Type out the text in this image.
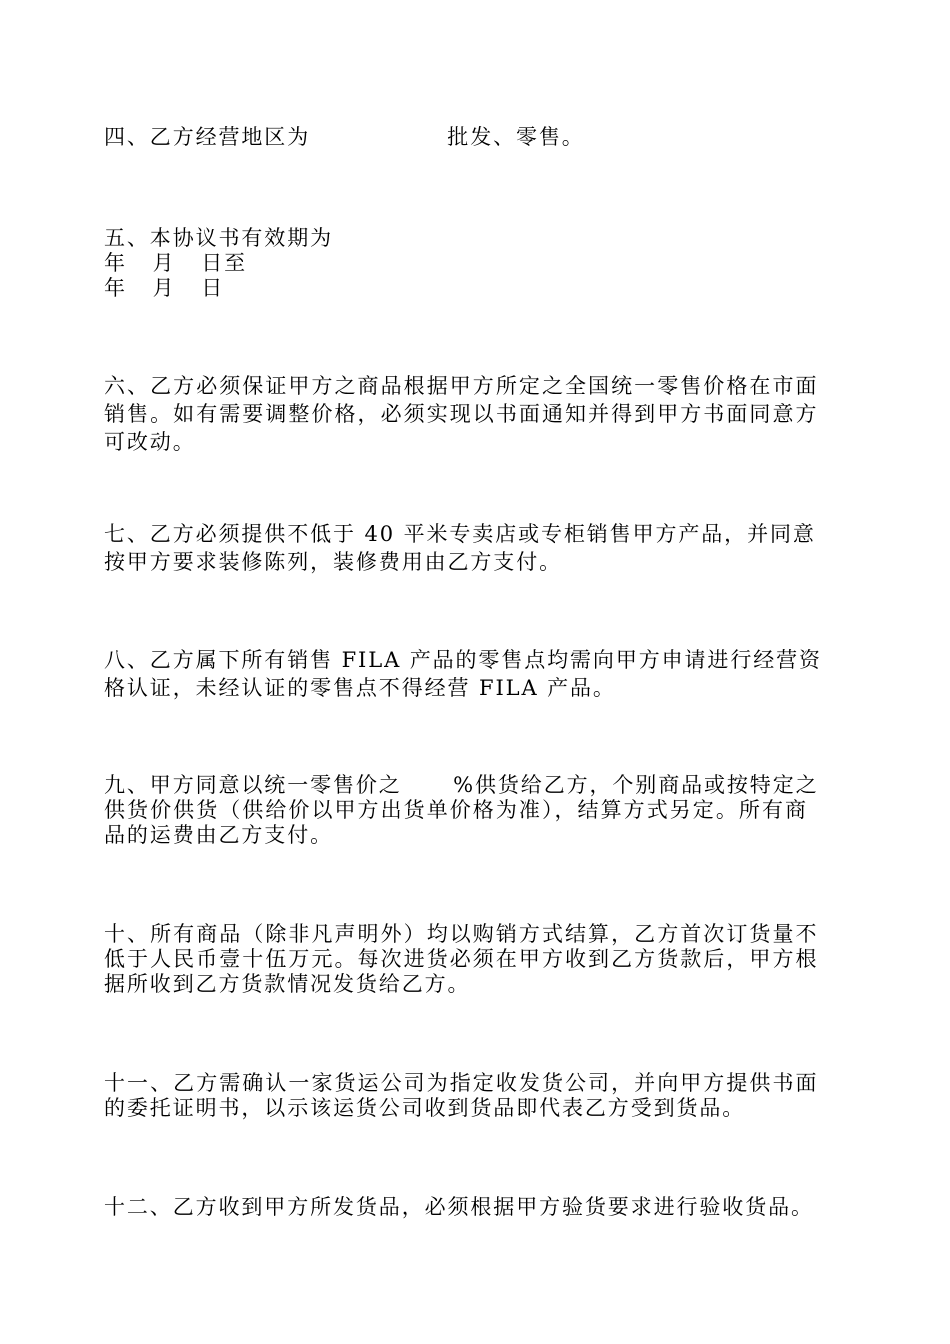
四、乙方经营地区为                批发、零售。
五、本协议书有效期为
年   月   日至
年   月   日
六、乙方必须保证甲方之商品根据甲方所定之全国统一零售价格在市面
销售。如有需要调整价格，必须实现以书面通知并得到甲方书面同意方
可改动。
七、乙方必须提供不低于 40 平米专卖店或专柜销售甲方产品，并同意
按甲方要求装修陈列，装修费用由乙方支付。
八、乙方属下所有销售 FILA 产品的零售点均需向甲方申请进行经营资
格认证，未经认证的零售点不得经营 FILA 产品。
九、甲方同意以统一零售价之      %供货给乙方，个别商品或按特定之
供货价供货（供给价以甲方出货单价格为准），结算方式另定。所有商
品的运费由乙方支付。
十、所有商品（除非凡声明外）均以购销方式结算，乙方首次订货量不
低于人民币壹十伍万元。每次进货必须在甲方收到乙方货款后，甲方根
据所收到乙方货款情况发货给乙方。
十一、乙方需确认一家货运公司为指定收发货公司，并向甲方提供书面
的委托证明书，以示该运货公司收到货品即代表乙方受到货品。
十二、乙方收到甲方所发货品，必须根据甲方验货要求进行验收货品。
